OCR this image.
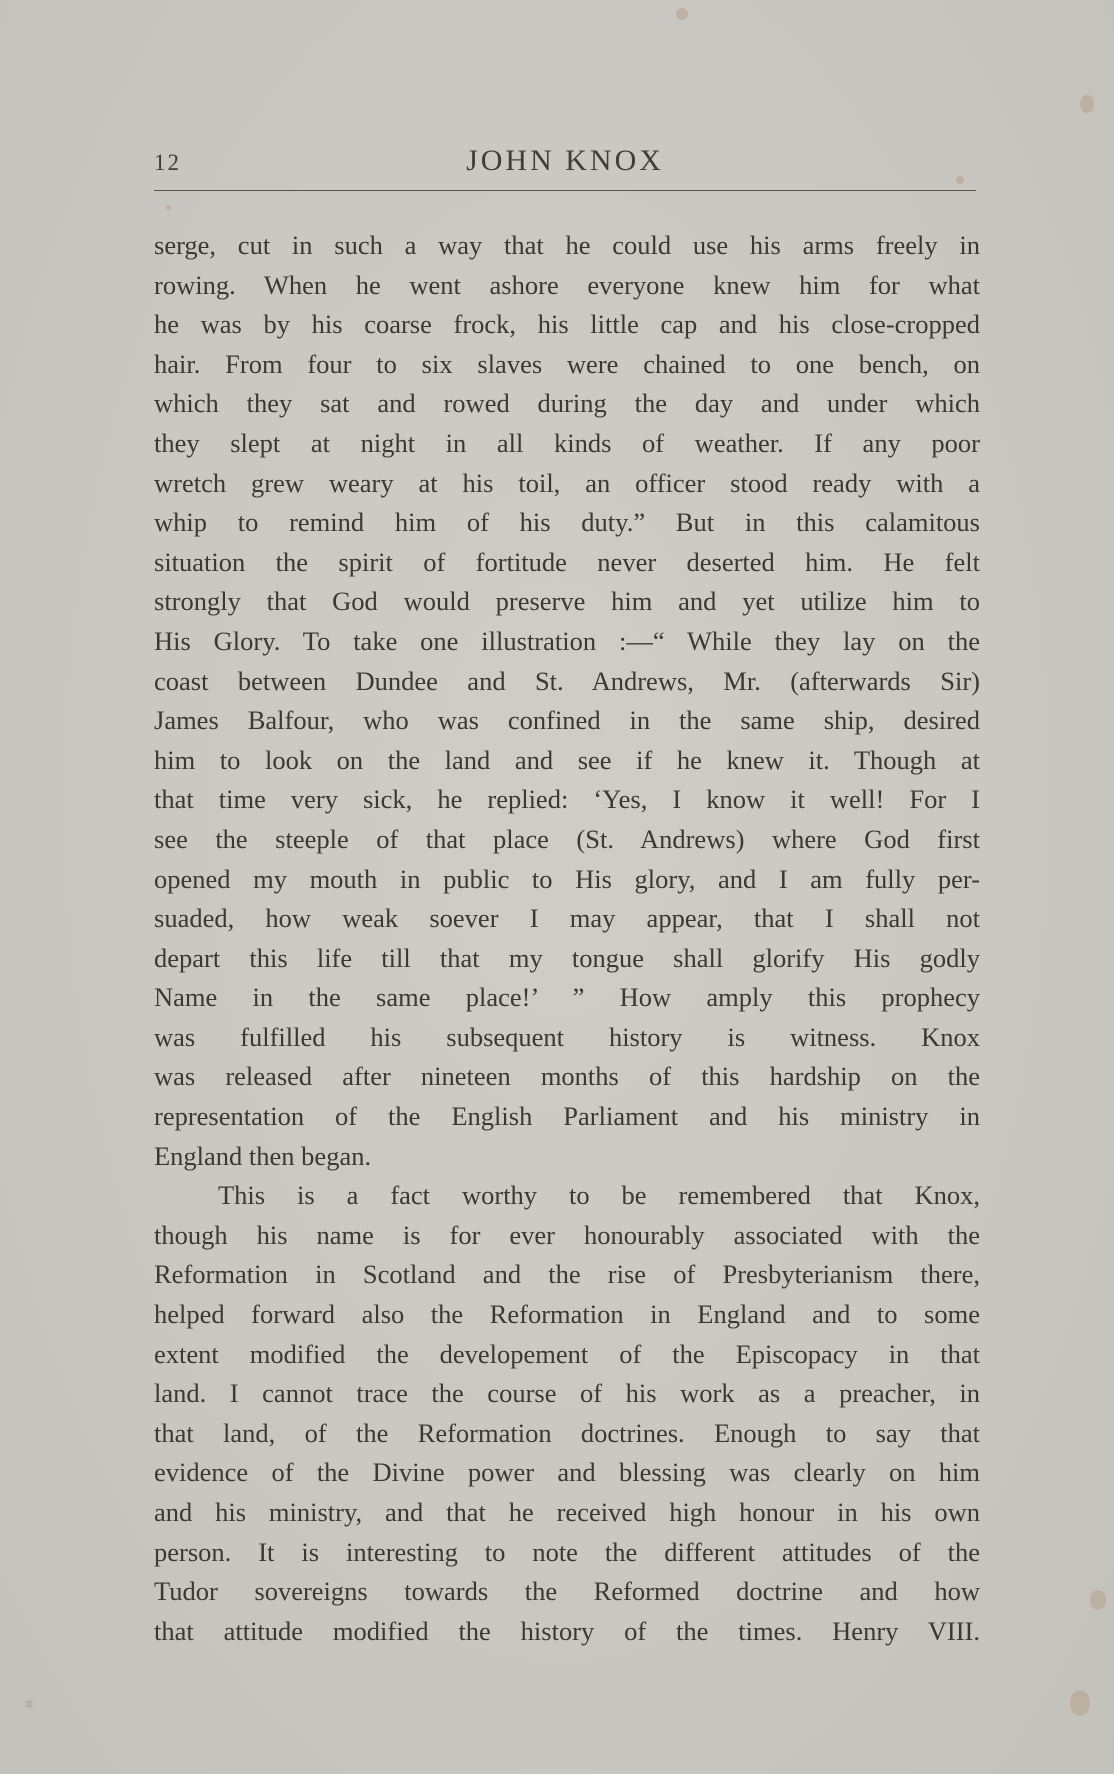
12	JOHN KNOX
serge, cut in such a way that he could use his arms freely in
rowing. When he went ashore everyone knew him for what
he was by his coarse frock, his little cap and his close-cropped
hair. From four to six slaves were chained to one bench, on
which they sat and rowed during the day and under which
they slept at night in all kinds of weather. If any poor
wretch grew weary at his toil, an officer stood ready with a
whip to remind him of his duty.” But in this calamitous
situation the spirit of fortitude never deserted him. He felt
strongly that God would preserve him and yet utilize him to
His Glory. To take one illustration :—“ While they lay on the
coast between Dundee and St. Andrews, Mr. (afterwards Sir)
James Balfour, who was confined in the same ship, desired
him to look on the land and see if he knew it. Though at
that time very sick, he replied: ‘Yes, I know it well! For I
see the steeple of that place (St. Andrews) where God first
opened my mouth in public to His glory, and I am fully per-
suaded, how weak soever I may appear, that I shall not
depart this life till that my tongue shall glorify His godly
Name in the same place!’ ” How amply this prophecy
was fulfilled his subsequent history is witness. Knox
was released after nineteen months of this hardship on the
representation of the English Parliament and his ministry in
England then began.
This is a fact worthy to be remembered that Knox,
though his name is for ever honourably associated with the
Reformation in Scotland and the rise of Presbyterianism there,
helped forward also the Reformation in England and to some
extent modified the developement of the Episcopacy in that
land. I cannot trace the course of his work as a preacher, in
that land, of the Reformation doctrines. Enough to say that
evidence of the Divine power and blessing was clearly on him
and his ministry, and that he received high honour in his own
person. It is interesting to note the different attitudes of the
Tudor sovereigns towards the Reformed doctrine and how
that attitude modified the history of the times. Henry VIII.
